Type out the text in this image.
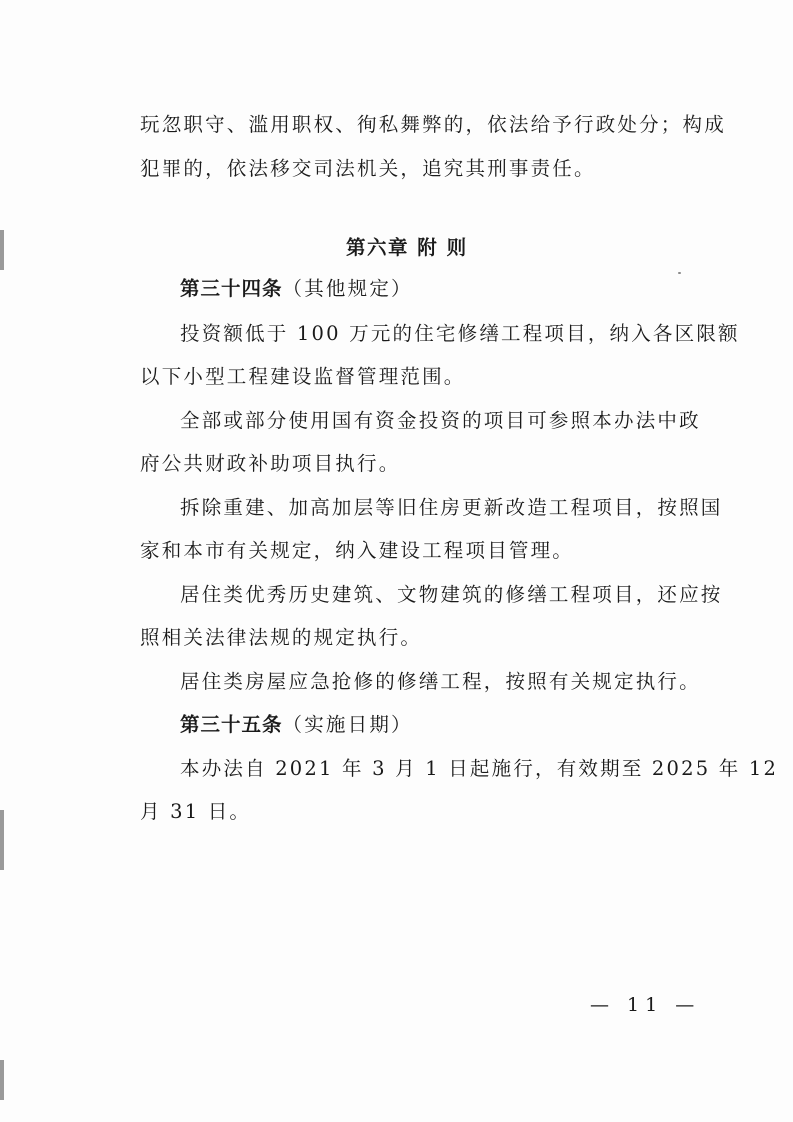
玩忽职守、滥用职权、徇私舞弊的，依法给予行政处分；构成
犯罪的，依法移交司法机关，追究其刑事责任。
第六章 附 则
第三十四条（其他规定）
投资额低于 100 万元的住宅修缮工程项目，纳入各区限额
以下小型工程建设监督管理范围。
全部或部分使用国有资金投资的项目可参照本办法中政
府公共财政补助项目执行。
拆除重建、加高加层等旧住房更新改造工程项目，按照国
家和本市有关规定，纳入建设工程项目管理。
居住类优秀历史建筑、文物建筑的修缮工程项目，还应按
照相关法律法规的规定执行。
居住类房屋应急抢修的修缮工程，按照有关规定执行。
第三十五条（实施日期）
本办法自 2021 年 3 月 1 日起施行，有效期至 2025 年 12
月 31 日。
— 11 —
